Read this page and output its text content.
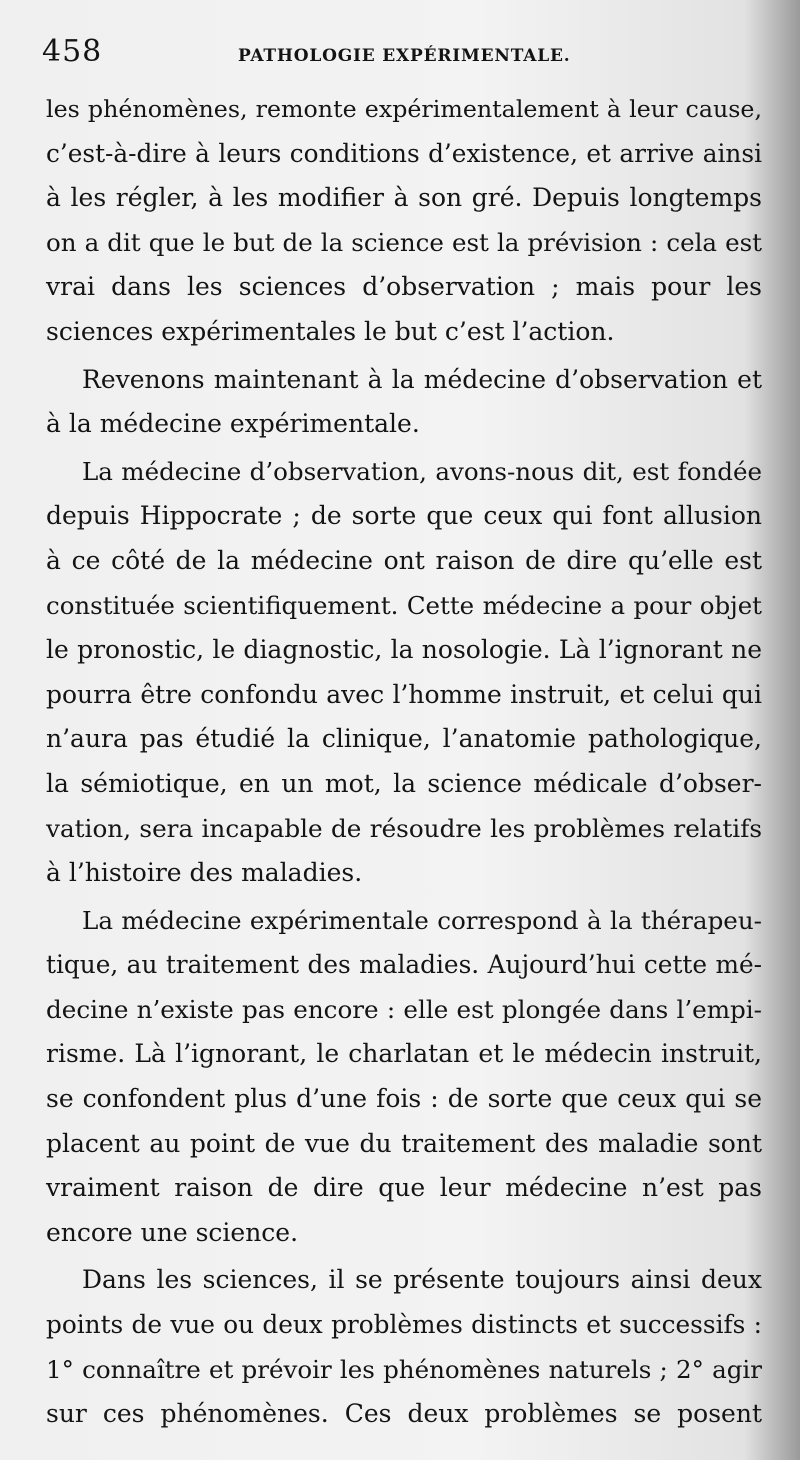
458	PATHOLOGIE EXPÉRIMENTALE.
les phénomènes, remonte expérimentalement à leur cause,
c’est-à-dire à leurs conditions d’existence, et arrive ainsi
à les régler, à les modifier à son gré. Depuis longtemps
on a dit que le but de la science est la prévision : cela est
vrai dans les sciences d’observation ; mais pour les
sciences expérimentales le but c’est l’action.
Revenons maintenant à la médecine d’observation et
à la médecine expérimentale.
La médecine d’observation, avons-nous dit, est fondée
depuis Hippocrate ; de sorte que ceux qui font allusion
à ce côté de la médecine ont raison de dire qu’elle est
constituée scientifiquement. Cette médecine a pour objet
le pronostic, le diagnostic, la nosologie. Là l’ignorant ne
pourra être confondu avec l’homme instruit, et celui qui
n’aura pas étudié la clinique, l’anatomie pathologique,
la sémiotique, en un mot, la science médicale d’obser-
vation, sera incapable de résoudre les problèmes relatifs
à l’histoire des maladies.
La médecine expérimentale correspond à la thérapeu-
tique, au traitement des maladies. Aujourd’hui cette mé-
decine n’existe pas encore : elle est plongée dans l’empi-
risme. Là l’ignorant, le charlatan et le médecin instruit,
se confondent plus d’une fois : de sorte que ceux qui se
placent au point de vue du traitement des maladie sont
vraiment raison de dire que leur médecine n’est pas
encore une science.
Dans les sciences, il se présente toujours ainsi deux
points de vue ou deux problèmes distincts et successifs :
1° connaître et prévoir les phénomènes naturels ; 2° agir
sur ces phénomènes. Ces deux problèmes se posent
